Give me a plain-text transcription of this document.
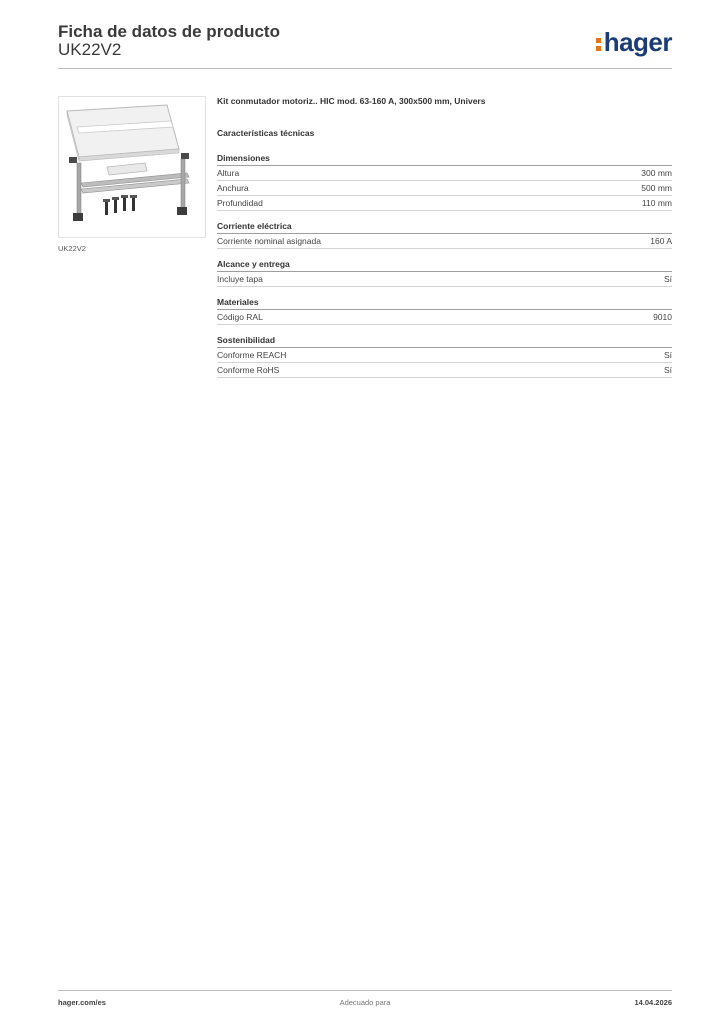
Ficha de datos de producto
UK22V2	hager
UK22V2
Kit conmutador motoriz.. HIC mod. 63-160 A, 300x500 mm, Univers
Características técnicas
Dimensiones
Altura	300 mm
Anchura	500 mm
Profundidad	110 mm
Corriente eléctrica
Corriente nominal asignada	160 A
Alcance y entrega
Incluye tapa	Sí
Materiales
Código RAL	9010
Sostenibilidad
Conforme REACH	Sí
Conforme RoHS	Sí
hager.com/es	Adecuado para	14.04.2026
